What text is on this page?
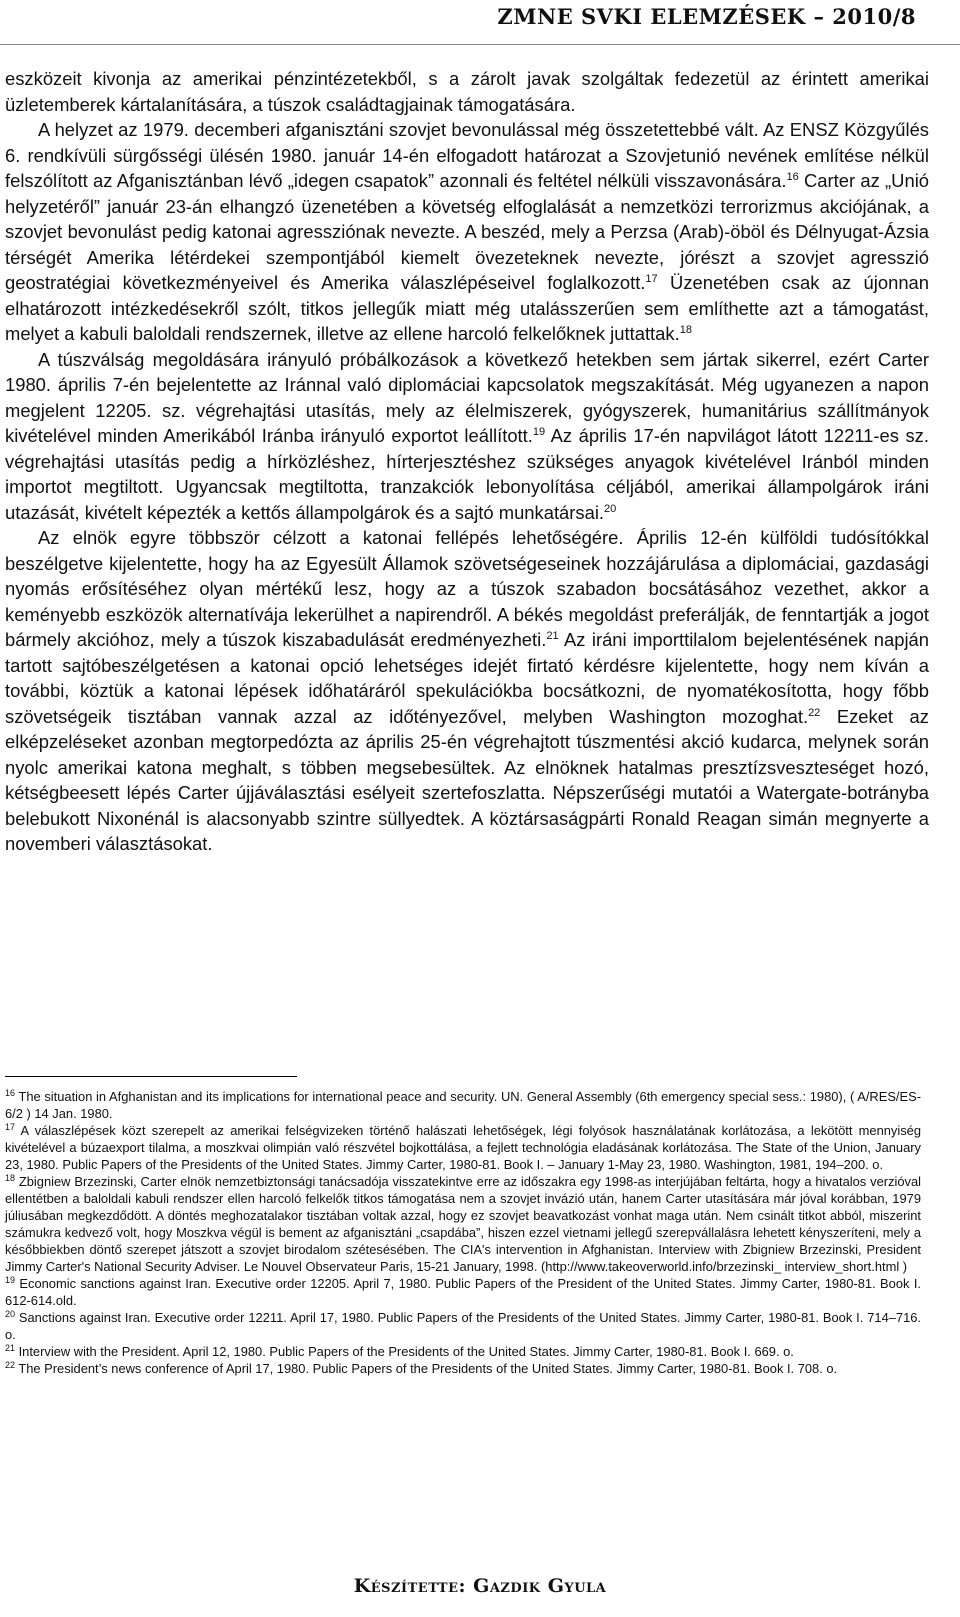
ZMNE SVKI ELEMZÉSEK – 2010/8

eszközeit kivonja az amerikai pénzintézetekből, s a zárolt javak szolgáltak fedezetül az érintett amerikai üzletemberek kártalanítására, a túszok családtagjainak támogatására.

A helyzet az 1979. decemberi afganisztáni szovjet bevonulással még összetettebbé vált. Az ENSZ Közgyűlés 6. rendkívüli sürgősségi ülésén 1980. január 14-én elfogadott határozat a Szovjetunió nevének említése nélkül felszólított az Afganisztánban lévő „idegen csapatok” azonnali és feltétel nélküli visszavonására.$^{16}$ Carter az „Unió helyzetéről” január 23-án elhangzó üzenetében a követség elfoglalását a nemzetközi terrorizmus akciójának, a szovjet bevonulást pedig katonai agressziónak nevezte. A beszéd, mely a Perzsa (Arab)-öböl és Délnyugat-Ázsia térségét Amerika létérdekei szempontjából kiemelt övezeteknek nevezte, jórészt a szovjet agresszió geostratégiai következményeivel és Amerika válaszlépéseivel foglalkozott.$^{17}$ Üzenetében csak az újonnan elhatározott intézkedésekről szólt, titkos jellegűk miatt még utalásszerűen sem említhette azt a támogatást, melyet a kabuli baloldali rendszernek, illetve az ellene harcoló felkelőknek juttattak.$^{18}$

A túszválság megoldására irányuló próbálkozások a következő hetekben sem jártak sikerrel, ezért Carter 1980. április 7-én bejelentette az Iránnal való diplomáciai kapcsolatok megszakítását. Még ugyanezen a napon megjelent 12205. sz. végrehajtási utasítás, mely az élelmiszerek, gyógyszerek, humanitárius szállítmányok kivételével minden Amerikából Iránba irányuló exportot leállított.$^{19}$ Az április 17-én napvilágot látott 12211-es sz. végrehajtási utasítás pedig a hírközléshez, hírterjesztéshez szükséges anyagok kivételével Iránból minden importot megtiltott. Ugyancsak megtiltotta, tranzakciók lebonyolítása céljából, amerikai állampolgárok iráni utazását, kivételt képezték a kettős állampolgárok és a sajtó munkatársai.$^{20}$

Az elnök egyre többször célzott a katonai fellépés lehetőségére. Április 12-én külföldi tudósítókkal beszélgetve kijelentette, hogy ha az Egyesült Államok szövetségeseinek hozzájárulása a diplomáciai, gazdasági nyomás erősítéséhez olyan mértékű lesz, hogy az a túszok szabadon bocsátásához vezethet, akkor a keményebb eszközök alternatívája lekerülhet a napirendről. A békés megoldást preferálják, de fenntartják a jogot bármely akcióhoz, mely a túszok kiszabadulását eredményezheti.$^{21}$ Az iráni importtilalom bejelentésének napján tartott sajtóbeszélgetésen a katonai opció lehetséges idejét firtató kérdésre kijelentette, hogy nem kíván a további, köztük a katonai lépések időhatáráról spekulációkba bocsátkozni, de nyomatékosította, hogy főbb szövetségeik tisztában vannak azzal az időtényezővel, melyben Washington mozoghat.$^{22}$ Ezeket az elképzeléseket azonban megtorpedózta az április 25-én végrehajtott túszmentési akció kudarca, melynek során nyolc amerikai katona meghalt, s többen megsebesültek. Az elnöknek hatalmas presztízsveszteséget hozó, kétségbeesett lépés Carter újjáválasztási esélyeit szertefoszlatta. Népszerűségi mutatói a Watergate-botrányba belebukott Nixonénál is alacsonyabb szintre süllyedtek. A köztársaságpárti Ronald Reagan simán megnyerte a novemberi választásokat.

$^{16}$ The situation in Afghanistan and its implications for international peace and security. UN. General Assembly (6th emergency special sess.: 1980), ( A/RES/ES-6/2 ) 14 Jan. 1980.

$^{17}$ A válaszlépések közt szerepelt az amerikai felségvizeken történő halászati lehetőségek, légi folyósok használatának korlátozása, a lekötött mennyiség kivételével a búzaexport tilalma, a moszkvai olimpián való részvétel bojkottálása, a fejlett technológia eladásának korlátozása. The State of the Union, January 23, 1980. Public Papers of the Presidents of the United States. Jimmy Carter, 1980-81. Book I. – January 1-May 23, 1980. Washington, 1981, 194–200. o.

$^{18}$ Zbigniew Brzezinski, Carter elnök nemzetbiztonsági tanácsadója visszatekintve erre az időszakra egy 1998-as interjújában feltárta, hogy a hivatalos verzióval ellentétben a baloldali kabuli rendszer ellen harcoló felkelők titkos támogatása nem a szovjet invázió után, hanem Carter utasítására már jóval korábban, 1979 júliusában megkezdődött. A döntés meghozatalakor tisztában voltak azzal, hogy ez szovjet beavatkozást vonhat maga után. Nem csinált titkot abból, miszerint számukra kedvező volt, hogy Moszkva végül is bement az afganisztáni „csapdába”, hiszen ezzel vietnami jellegű szerepvállalásra lehetett kényszeríteni, mely a későbbiekben döntő szerepet játszott a szovjet birodalom szétesésében. The CIA's intervention in Afghanistan. Interview with Zbigniew Brzezinski, President Jimmy Carter's National Security Adviser. Le Nouvel Observateur Paris, 15-21 January, 1998. (http://www.takeoverworld.info/brzezinski_ interview_short.html )

$^{19}$ Economic sanctions against Iran. Executive order 12205. April 7, 1980. Public Papers of the President of the United States. Jimmy Carter, 1980-81. Book I. 612-614.old.

$^{20}$ Sanctions against Iran. Executive order 12211. April 17, 1980. Public Papers of the Presidents of the United States. Jimmy Carter, 1980-81. Book I. 714–716. o.

$^{21}$ Interview with the President. April 12, 1980. Public Papers of the Presidents of the United States. Jimmy Carter, 1980-81. Book I. 669. o.

$^{22}$ The President’s news conference of April 17, 1980. Public Papers of the Presidents of the United States. Jimmy Carter, 1980-81. Book I. 708. o.

Készítette: Gazdik Gyula
